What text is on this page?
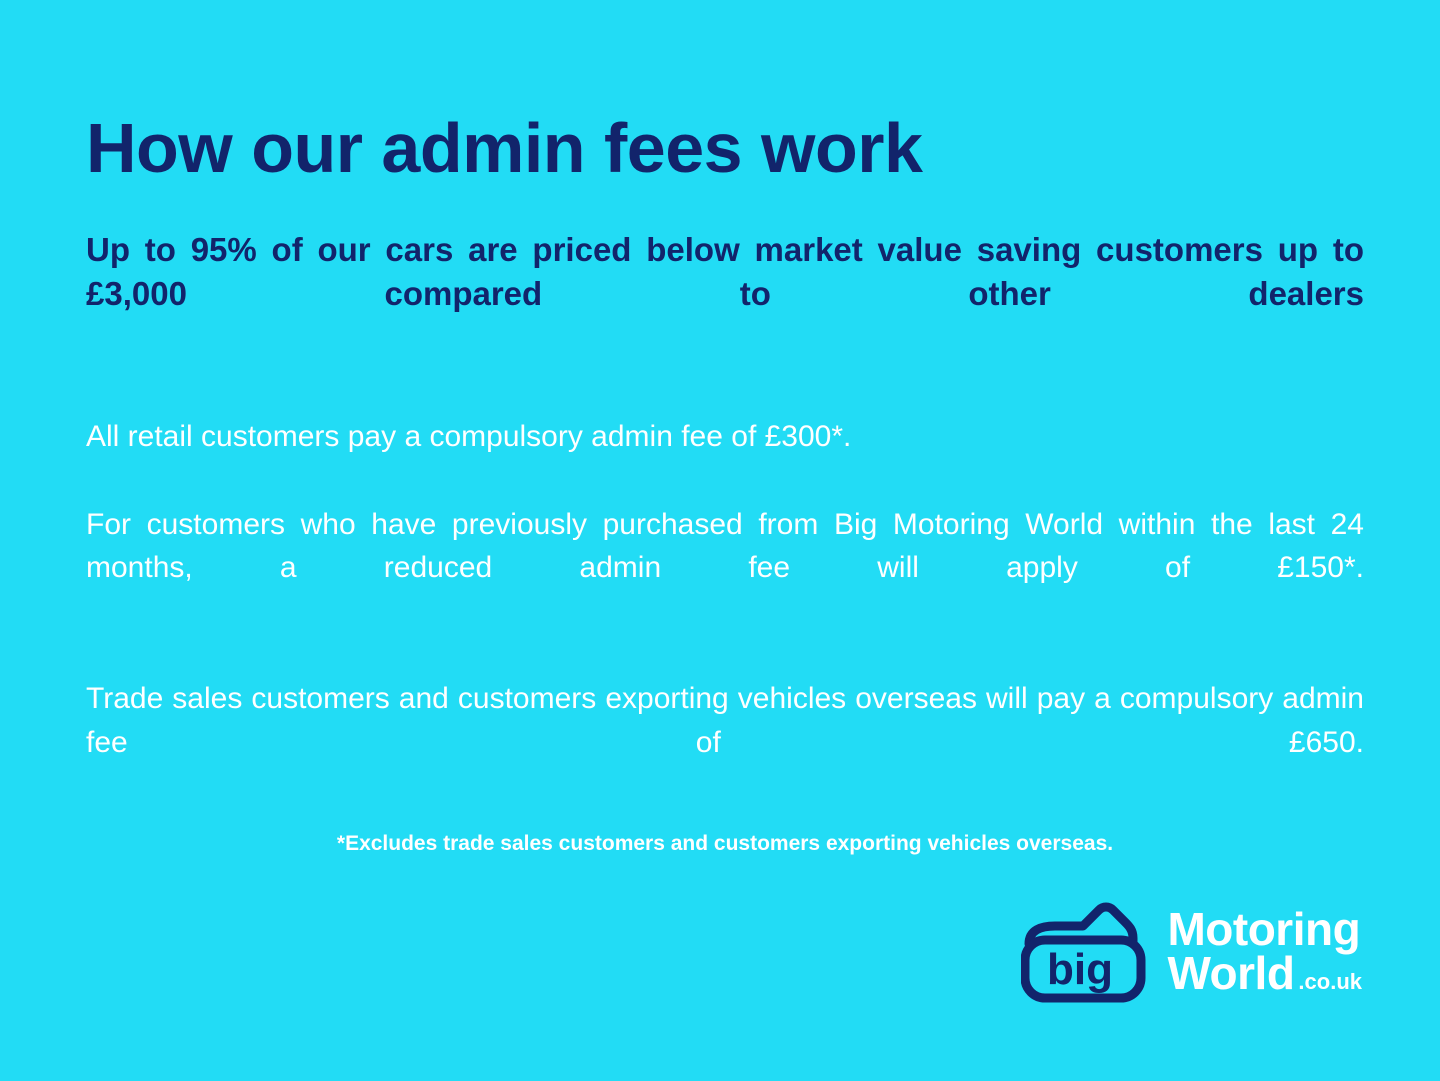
How our admin fees work

Up to 95% of our cars are priced below market value saving customers up to £3,000 compared to other dealers

All retail customers pay a compulsory admin fee of £300*.

For customers who have previously purchased from Big Motoring World within the last 24 months, a reduced admin fee will apply of £150*.

Trade sales customers and customers exporting vehicles overseas will pay a compulsory admin fee of £650.

*Excludes trade sales customers and customers exporting vehicles overseas.
big
Motoring
World .co.uk
